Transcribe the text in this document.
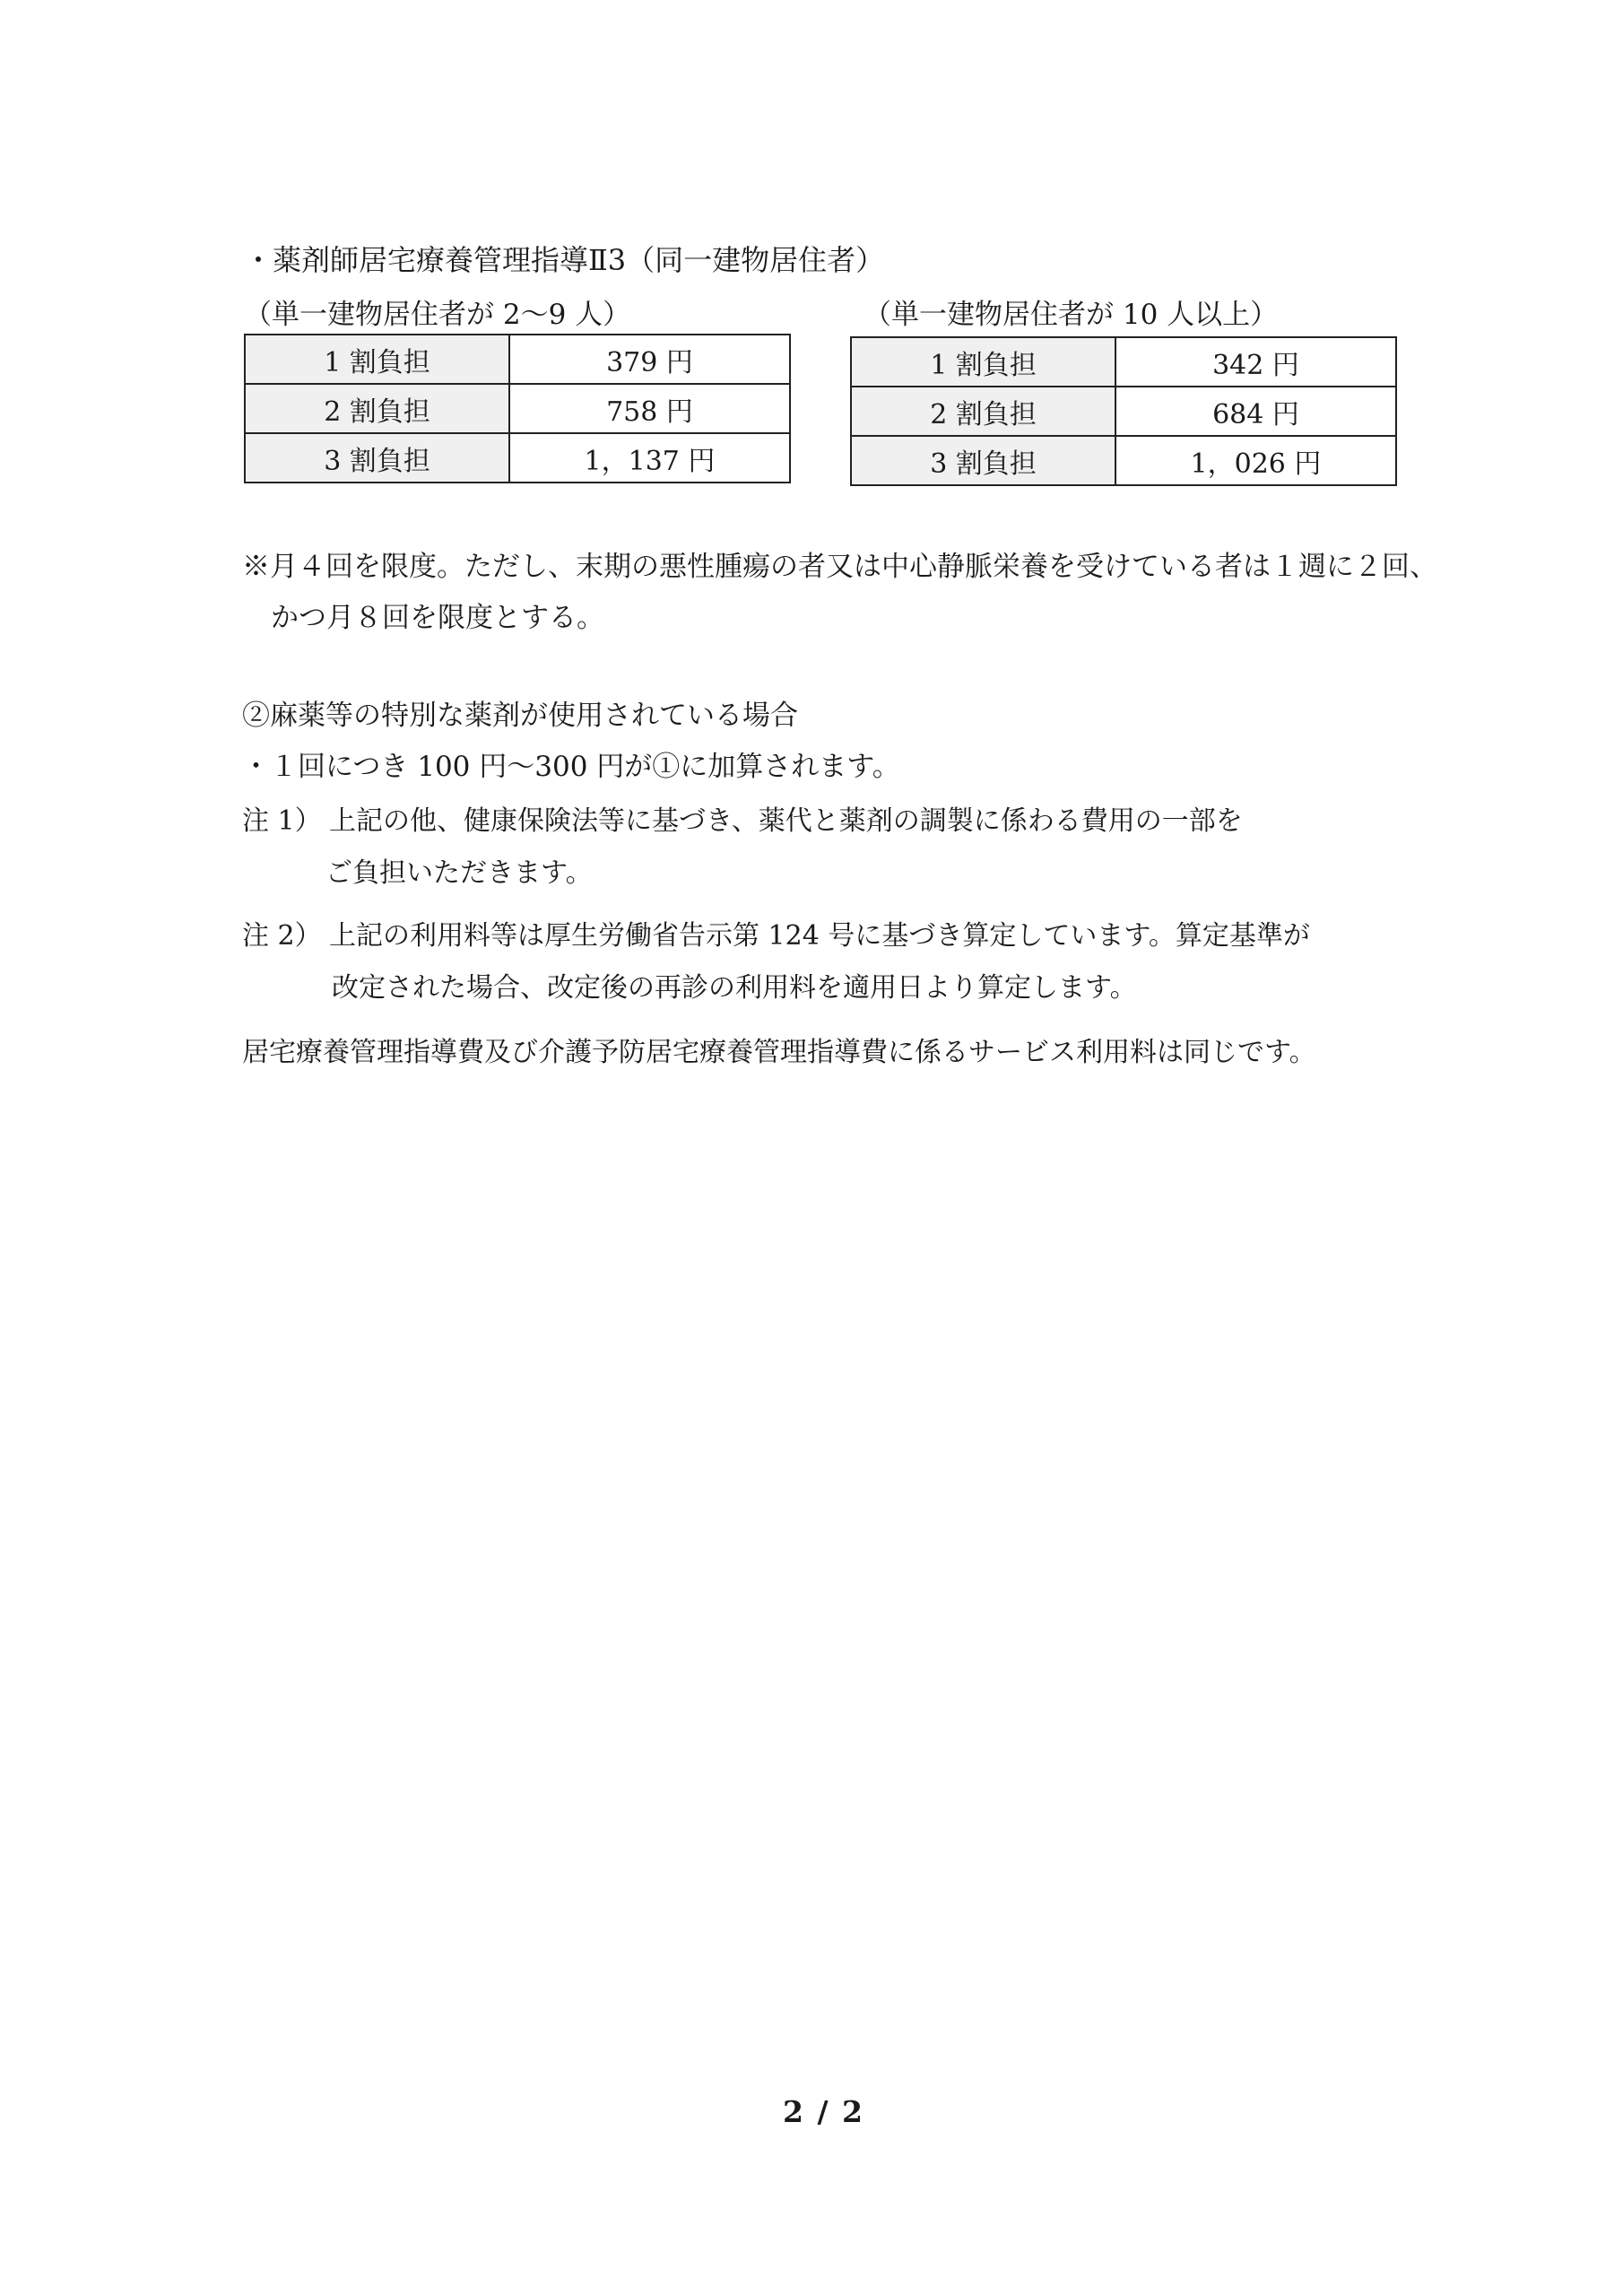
・薬剤師居宅療養管理指導Ⅱ3（同一建物居住者）
（単一建物居住者が 2～9 人）	（単一建物居住者が 10 人以上）
1 割負担	379 円
2 割負担	758 円
3 割負担	1，137 円
1 割負担	342 円
2 割負担	684 円
3 割負担	1，026 円
※月４回を限度。ただし、末期の悪性腫瘍の者又は中心静脈栄養を受けている者は１週に２回、
かつ月８回を限度とする。
②麻薬等の特別な薬剤が使用されている場合
・１回につき 100 円～300 円が①に加算されます。
注 1） 上記の他、健康保険法等に基づき、薬代と薬剤の調製に係わる費用の一部を
ご負担いただきます。
注 2） 上記の利用料等は厚生労働省告示第 124 号に基づき算定しています。算定基準が
改定された場合、改定後の再診の利用料を適用日より算定します。
居宅療養管理指導費及び介護予防居宅療養管理指導費に係るサービス利用料は同じです。
2 / 2
